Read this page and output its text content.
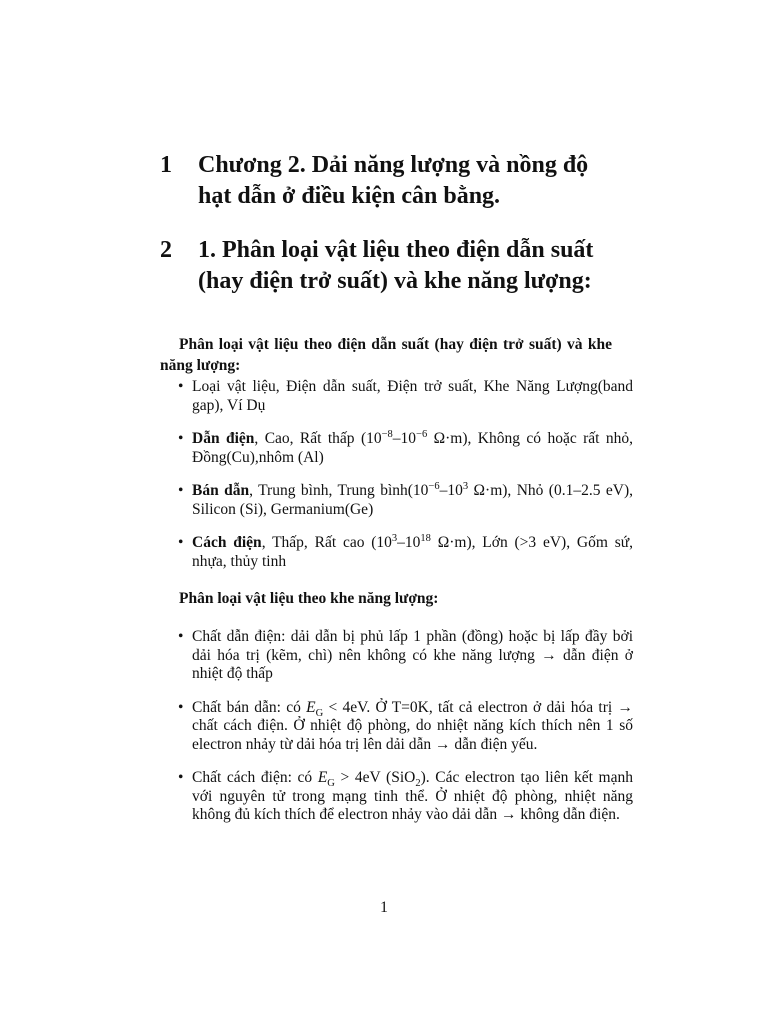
1	Chương 2. Dải năng lượng và nồng độ hạt dẫn ở điều kiện cân bằng.
2	1. Phân loại vật liệu theo điện dẫn suất (hay điện trở suất) và khe năng lượng:

Phân loại vật liệu theo điện dẫn suất (hay điện trở suất) và khe năng lượng:

• Loại vật liệu, Điện dẫn suất, Điện trở suất, Khe Năng Lượng(band gap), Ví Dụ
• Dẫn điện, Cao, Rất thấp ($10^{-8}-10^{-6}$ Ω·m), Không có hoặc rất nhỏ, Đồng(Cu),nhôm (Al)
• Bán dẫn, Trung bình, Trung $bình(10^{-6}-10^3$ Ω·m), Nhỏ (0.1–2.5 eV), Silicon (Si), Germanium(Ge)
• Cách điện, Thấp, Rất cao ($10^3-10^{18}$ Ω·m), Lớn (>3 eV), Gốm sứ, nhựa, thủy tinh
Phân loại vật liệu theo khe năng lượng:
• Chất dẫn điện: dải dẫn bị phủ lấp 1 phần (đồng) hoặc bị lấp đầy bởi dải hóa trị (kẽm, chì) nên không có khe năng lượng → dẫn điện ở nhiệt độ thấp
• Chất bán dẫn: có $E_G < 4eV$. Ở T=0K, tất cả electron ở dải hóa trị → chất cách điện. Ở nhiệt độ phòng, do nhiệt năng kích thích nên 1 số electron nhảy từ dải hóa trị lên dải dẫn → dẫn điện yếu.
• Chất cách điện: có $E_G > 4eV$ (SiO$_2$). Các electron tạo liên kết mạnh với nguyên tử trong mạng tinh thể. Ở nhiệt độ phòng, nhiệt năng không đủ kích thích để electron nhảy vào dải dẫn → không dẫn điện.
1
